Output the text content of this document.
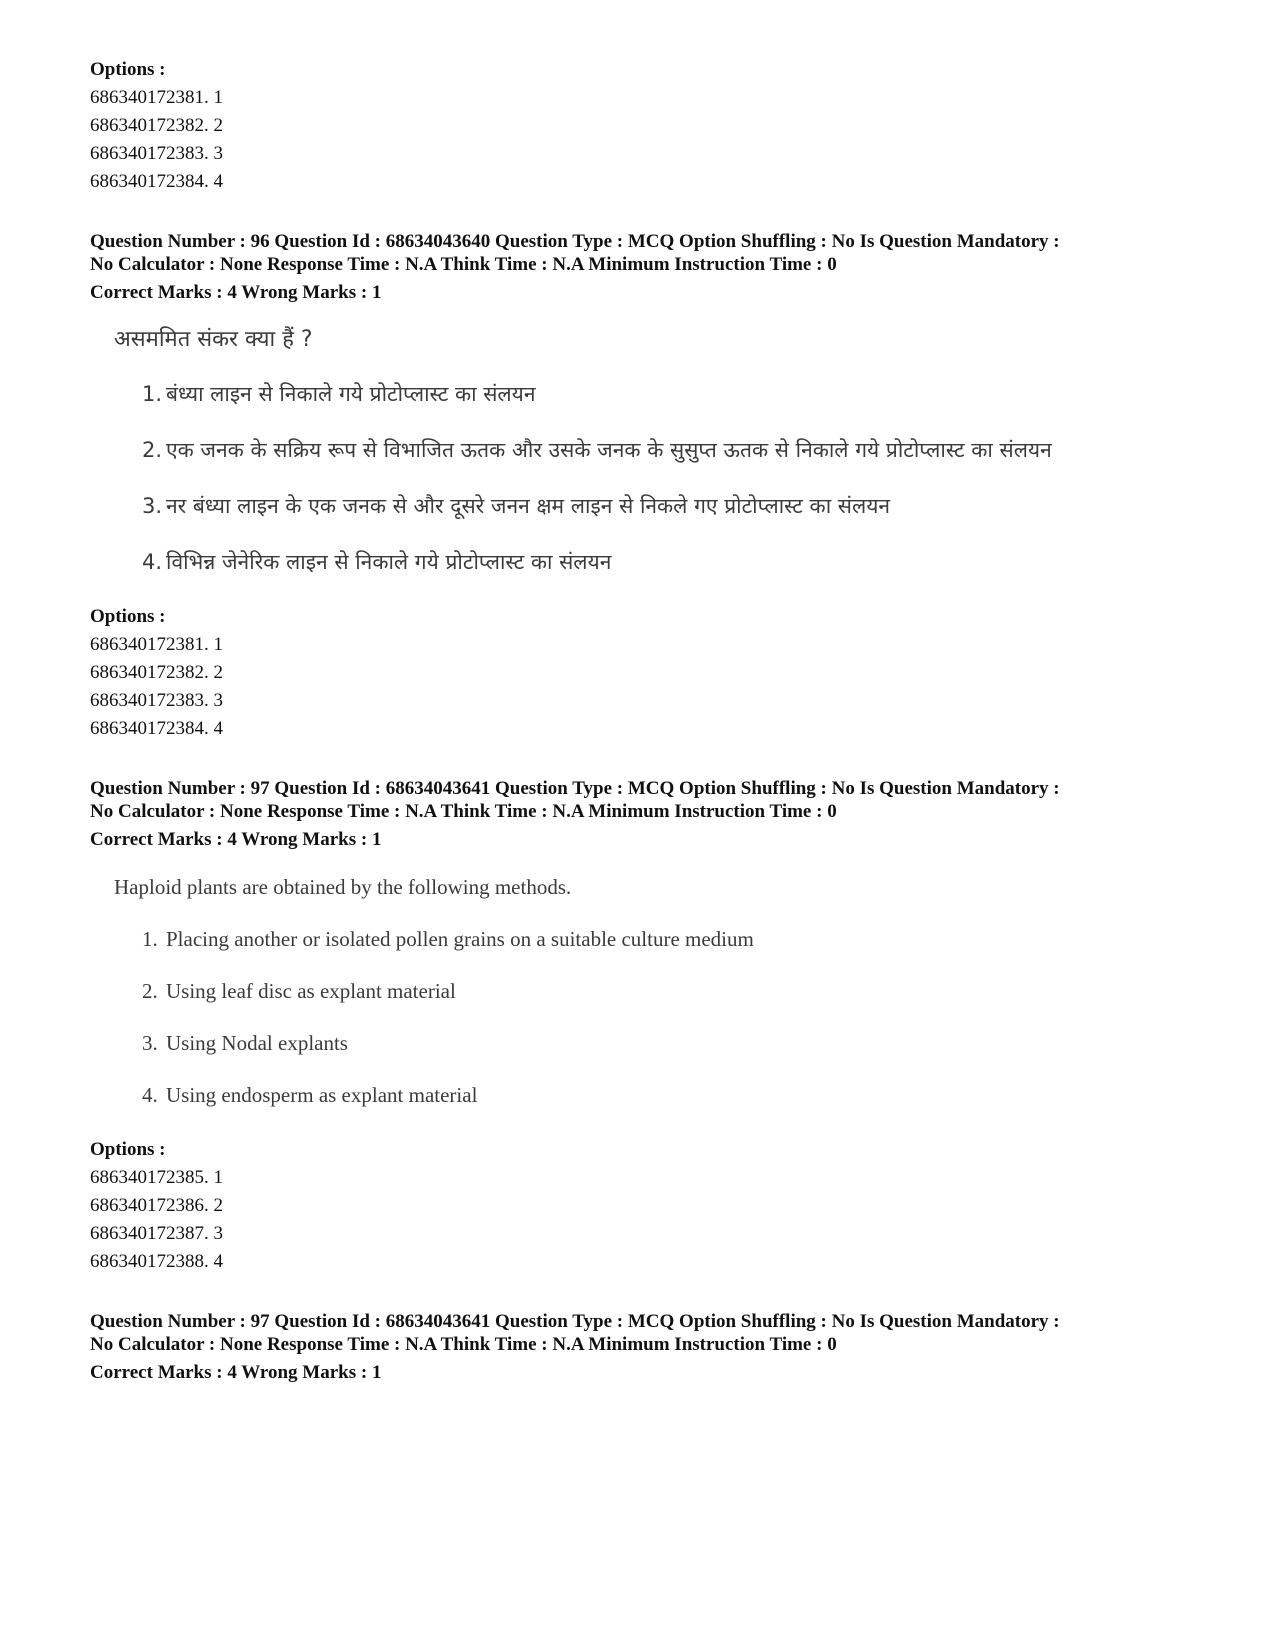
Options :
686340172381. 1
686340172382. 2
686340172383. 3
686340172384. 4
Question Number : 96 Question Id : 68634043640 Question Type : MCQ Option Shuffling : No Is Question Mandatory :
No Calculator : None Response Time : N.A Think Time : N.A Minimum Instruction Time : 0
Correct Marks : 4 Wrong Marks : 1
असममित संकर क्या हैं ?
1. बंध्या लाइन से निकाले गये प्रोटोप्लास्ट का संलयन
2. एक जनक के सक्रिय रूप से विभाजित ऊतक और उसके जनक के सुसुप्त ऊतक से निकाले गये प्रोटोप्लास्ट का संलयन
3. नर बंध्या लाइन के एक जनक से और दूसरे जनन क्षम लाइन से निकले गए प्रोटोप्लास्ट का संलयन
4. विभिन्न जेनेरिक लाइन से निकाले गये प्रोटोप्लास्ट का संलयन
Options :
686340172381. 1
686340172382. 2
686340172383. 3
686340172384. 4
Question Number : 97 Question Id : 68634043641 Question Type : MCQ Option Shuffling : No Is Question Mandatory :
No Calculator : None Response Time : N.A Think Time : N.A Minimum Instruction Time : 0
Correct Marks : 4 Wrong Marks : 1
Haploid plants are obtained by the following methods.
1. Placing another or isolated pollen grains on a suitable culture medium
2. Using leaf disc as explant material
3. Using Nodal explants
4. Using endosperm as explant material
Options :
686340172385. 1
686340172386. 2
686340172387. 3
686340172388. 4
Question Number : 97 Question Id : 68634043641 Question Type : MCQ Option Shuffling : No Is Question Mandatory :
No Calculator : None Response Time : N.A Think Time : N.A Minimum Instruction Time : 0
Correct Marks : 4 Wrong Marks : 1
